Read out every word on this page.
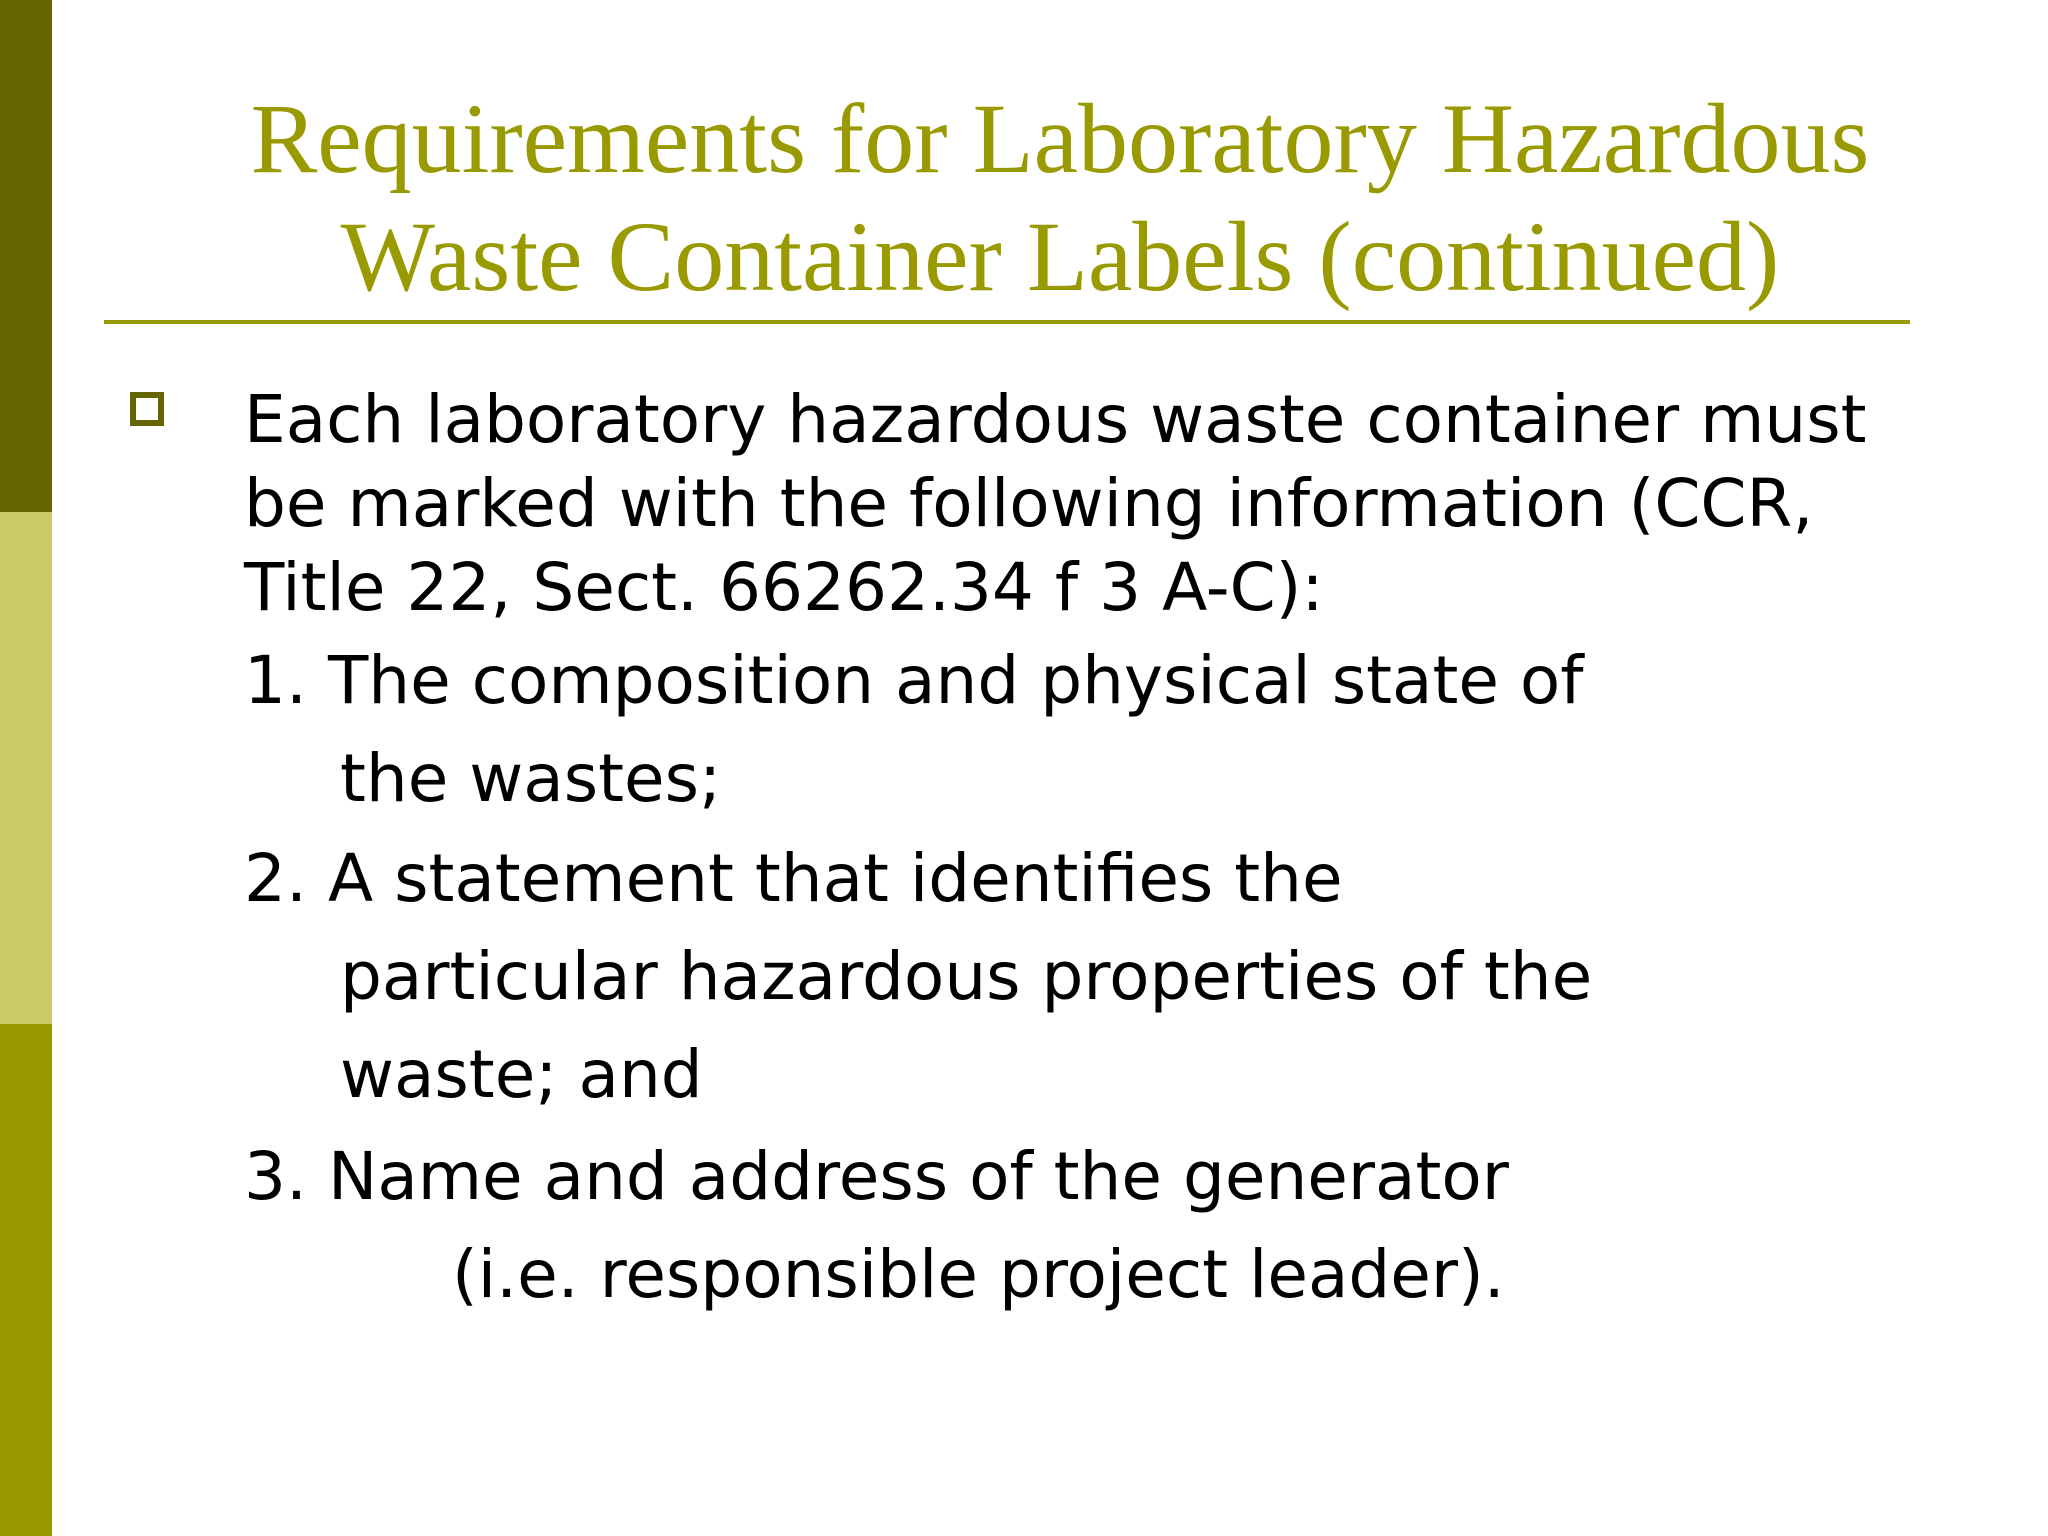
Requirements for Laboratory Hazardous
Waste Container Labels (continued)
Each laboratory hazardous waste container must
be marked with the following information (CCR,
Title 22, Sect. 66262.34 f 3 A-C):
1. The composition and physical state of
the wastes;
2. A statement that identifies the
particular hazardous properties of the
waste; and
3. Name and address of the generator
(i.e. responsible project leader).
